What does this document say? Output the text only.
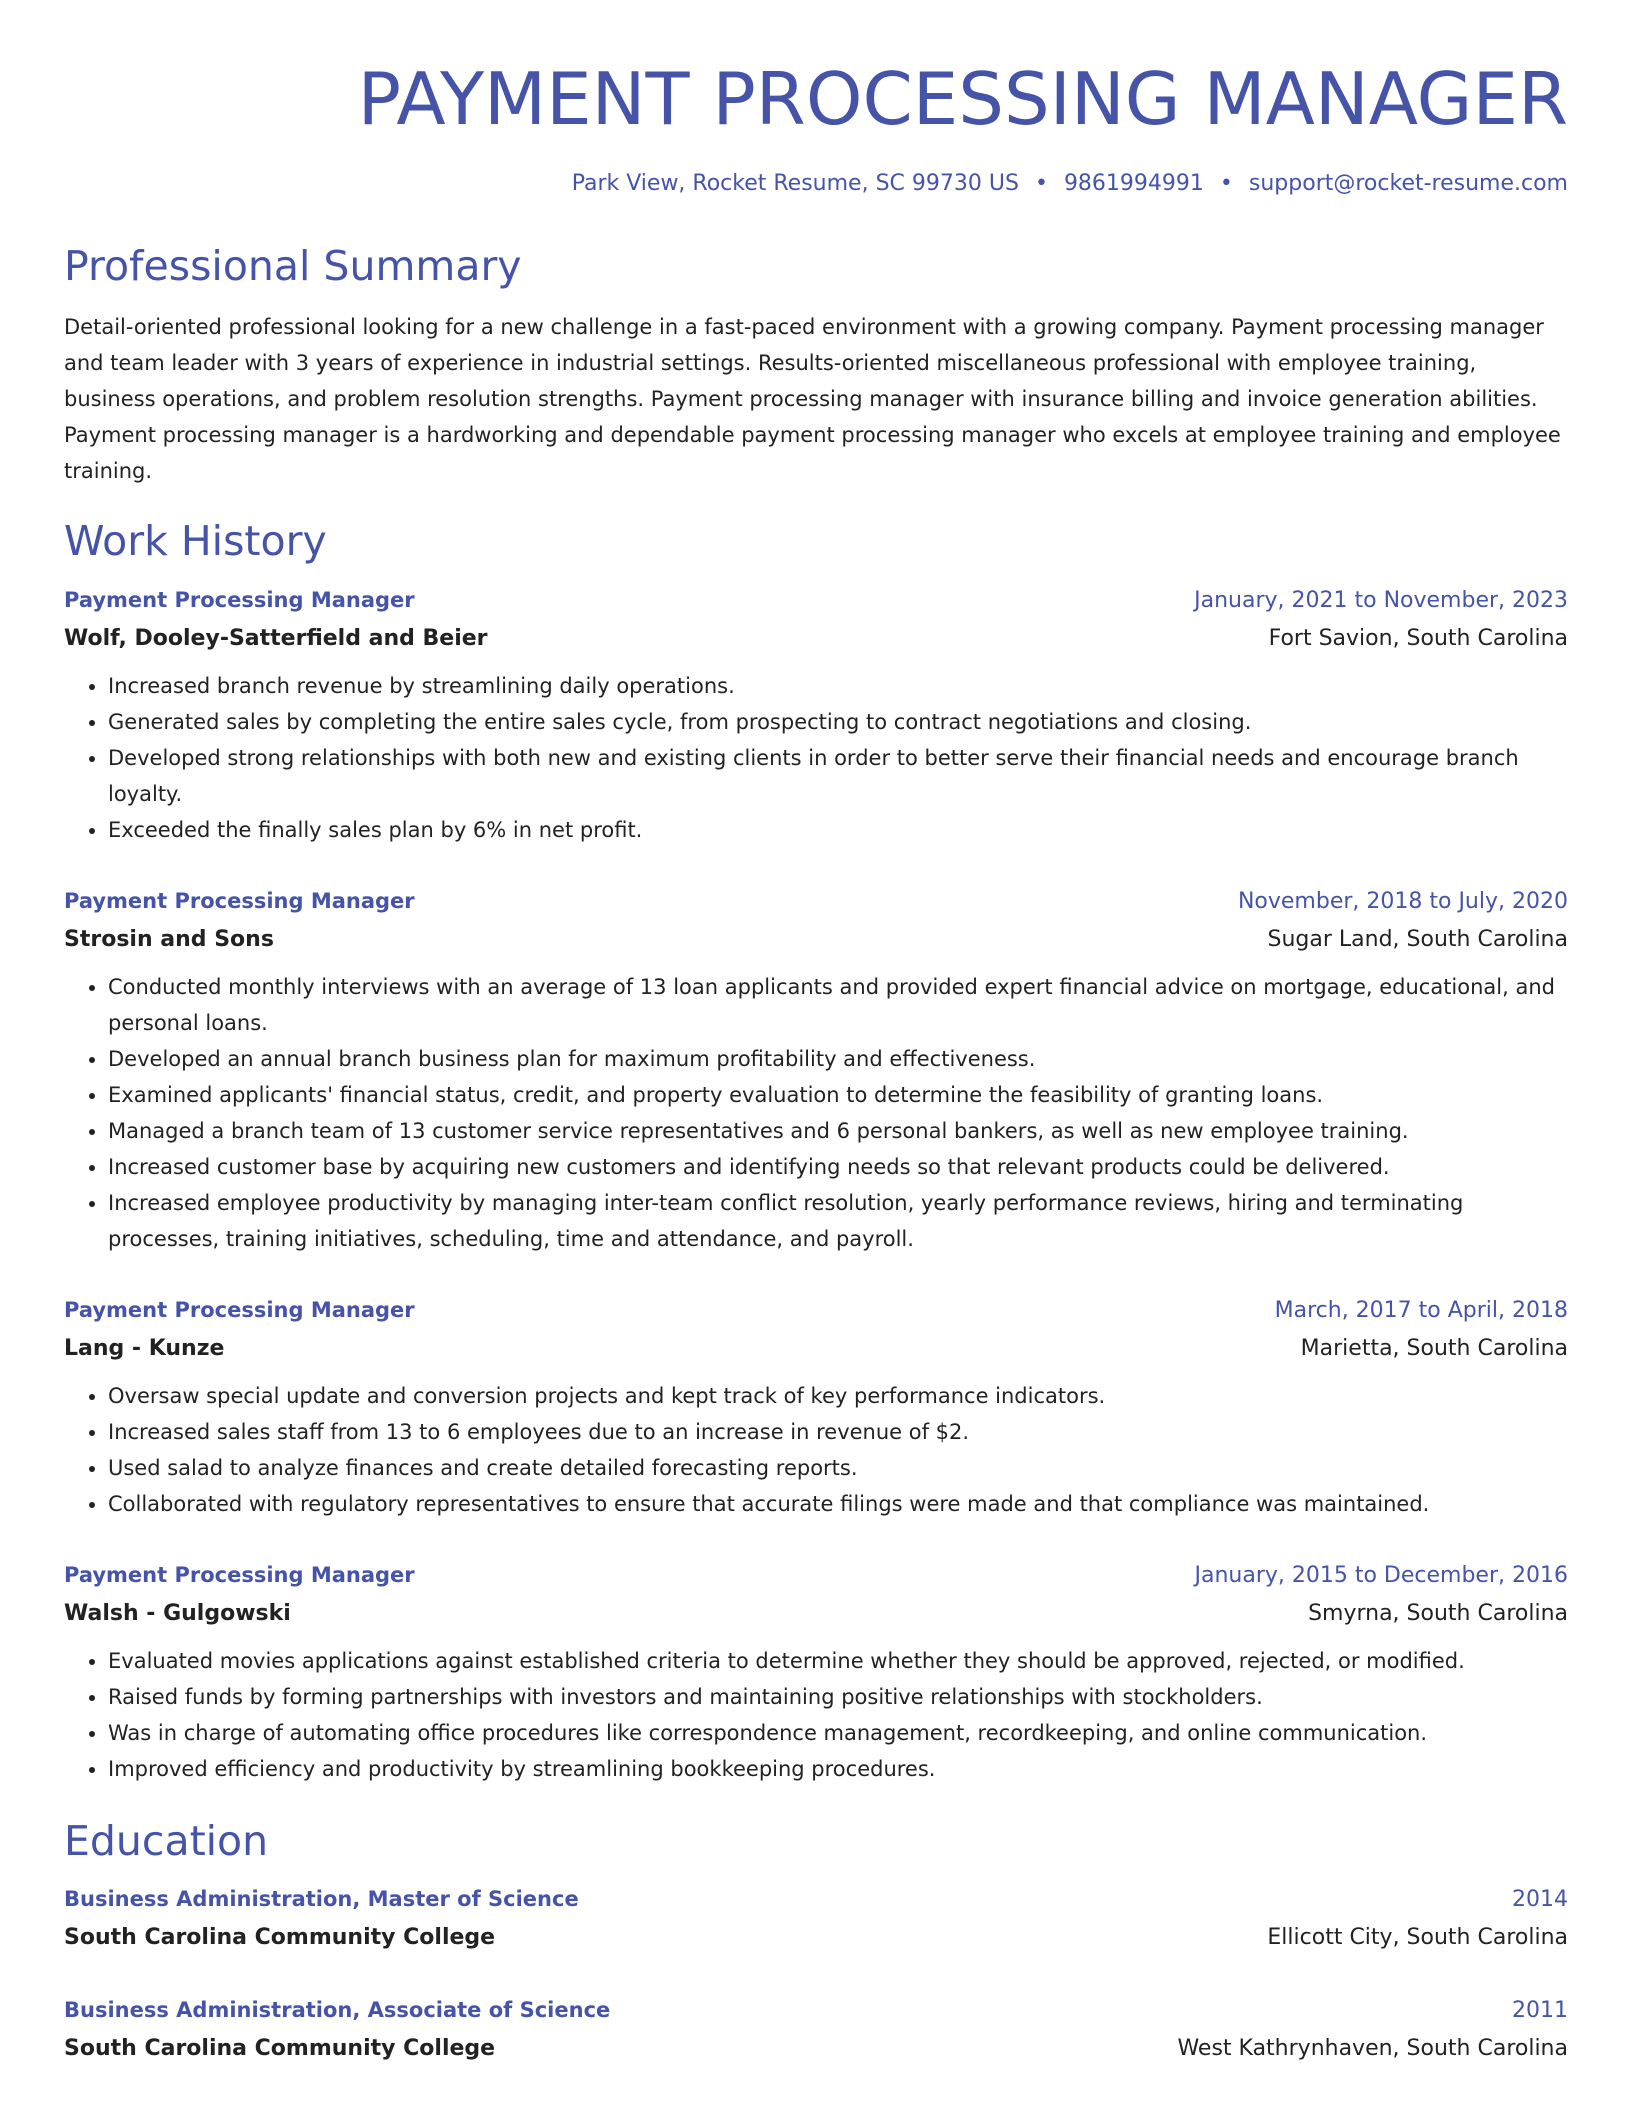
PAYMENT PROCESSING MANAGER
Park View, Rocket Resume, SC 99730 US • 9861994991 • support@rocket-resume.com
Professional Summary
Detail-oriented professional looking for a new challenge in a fast-paced environment with a growing company. Payment processing manager and team leader with 3 years of experience in industrial settings. Results-oriented miscellaneous professional with employee training, business operations, and problem resolution strengths. Payment processing manager with insurance billing and invoice generation abilities. Payment processing manager is a hardworking and dependable payment processing manager who excels at employee training and employee training.
Work History
Payment Processing Manager	January, 2021 to November, 2023
Wolf, Dooley-Satterfield and Beier	Fort Savion, South Carolina
• Increased branch revenue by streamlining daily operations.
• Generated sales by completing the entire sales cycle, from prospecting to contract negotiations and closing.
• Developed strong relationships with both new and existing clients in order to better serve their financial needs and encourage branch loyalty.
• Exceeded the finally sales plan by 6% in net profit.
Payment Processing Manager	November, 2018 to July, 2020
Strosin and Sons	Sugar Land, South Carolina
• Conducted monthly interviews with an average of 13 loan applicants and provided expert financial advice on mortgage, educational, and personal loans.
• Developed an annual branch business plan for maximum profitability and effectiveness.
• Examined applicants' financial status, credit, and property evaluation to determine the feasibility of granting loans.
• Managed a branch team of 13 customer service representatives and 6 personal bankers, as well as new employee training.
• Increased customer base by acquiring new customers and identifying needs so that relevant products could be delivered.
• Increased employee productivity by managing inter-team conflict resolution, yearly performance reviews, hiring and terminating processes, training initiatives, scheduling, time and attendance, and payroll.
Payment Processing Manager	March, 2017 to April, 2018
Lang - Kunze	Marietta, South Carolina
• Oversaw special update and conversion projects and kept track of key performance indicators.
• Increased sales staff from 13 to 6 employees due to an increase in revenue of $2.
• Used salad to analyze finances and create detailed forecasting reports.
• Collaborated with regulatory representatives to ensure that accurate filings were made and that compliance was maintained.
Payment Processing Manager	January, 2015 to December, 2016
Walsh - Gulgowski	Smyrna, South Carolina
• Evaluated movies applications against established criteria to determine whether they should be approved, rejected, or modified.
• Raised funds by forming partnerships with investors and maintaining positive relationships with stockholders.
• Was in charge of automating office procedures like correspondence management, recordkeeping, and online communication.
• Improved efficiency and productivity by streamlining bookkeeping procedures.
Education
Business Administration, Master of Science	2014
South Carolina Community College	Ellicott City, South Carolina
Business Administration, Associate of Science	2011
South Carolina Community College	West Kathrynhaven, South Carolina
